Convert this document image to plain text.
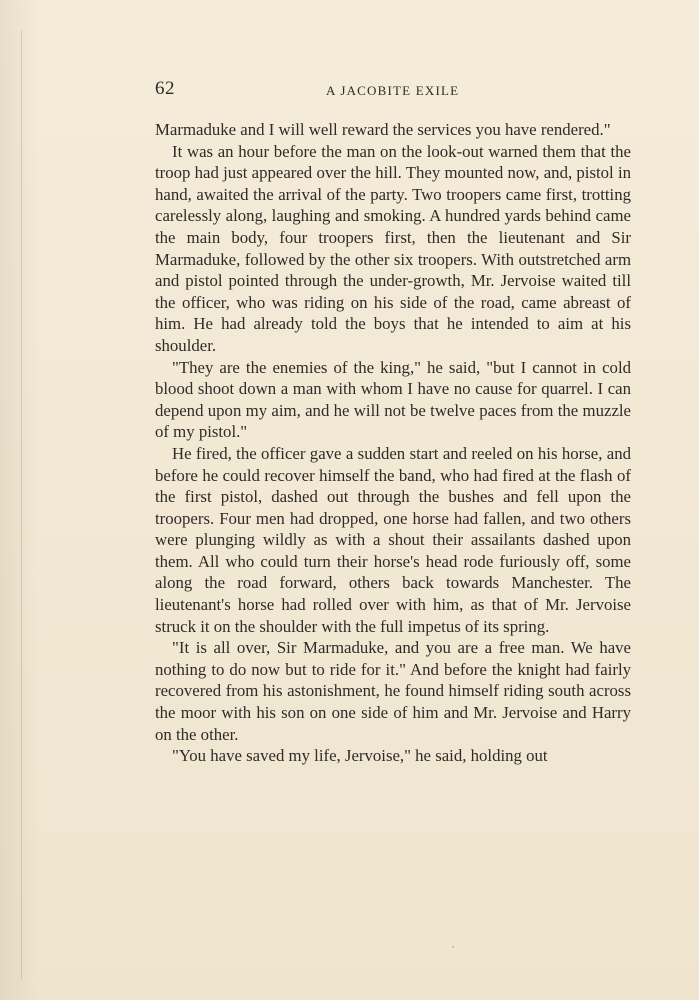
62	A JACOBITE EXILE

Marmaduke and I will well reward the services you have rendered."

It was an hour before the man on the look-out warned them that the troop had just appeared over the hill. They mounted now, and, pistol in hand, awaited the arrival of the party. Two troopers came first, trotting carelessly along, laughing and smoking. A hundred yards behind came the main body, four troopers first, then the lieutenant and Sir Marmaduke, followed by the other six troopers. With outstretched arm and pistol pointed through the under-growth, Mr. Jervoise waited till the officer, who was riding on his side of the road, came abreast of him. He had already told the boys that he intended to aim at his shoulder.

"They are the enemies of the king," he said, "but I cannot in cold blood shoot down a man with whom I have no cause for quarrel. I can depend upon my aim, and he will not be twelve paces from the muzzle of my pistol."

He fired, the officer gave a sudden start and reeled on his horse, and before he could recover himself the band, who had fired at the flash of the first pistol, dashed out through the bushes and fell upon the troopers. Four men had dropped, one horse had fallen, and two others were plunging wildly as with a shout their assailants dashed upon them. All who could turn their horse's head rode furiously off, some along the road forward, others back towards Manchester. The lieutenant's horse had rolled over with him, as that of Mr. Jervoise struck it on the shoulder with the full impetus of its spring.

"It is all over, Sir Marmaduke, and you are a free man. We have nothing to do now but to ride for it." And before the knight had fairly recovered from his astonishment, he found himself riding south across the moor with his son on one side of him and Mr. Jervoise and Harry on the other.

"You have saved my life, Jervoise," he said, holding out
